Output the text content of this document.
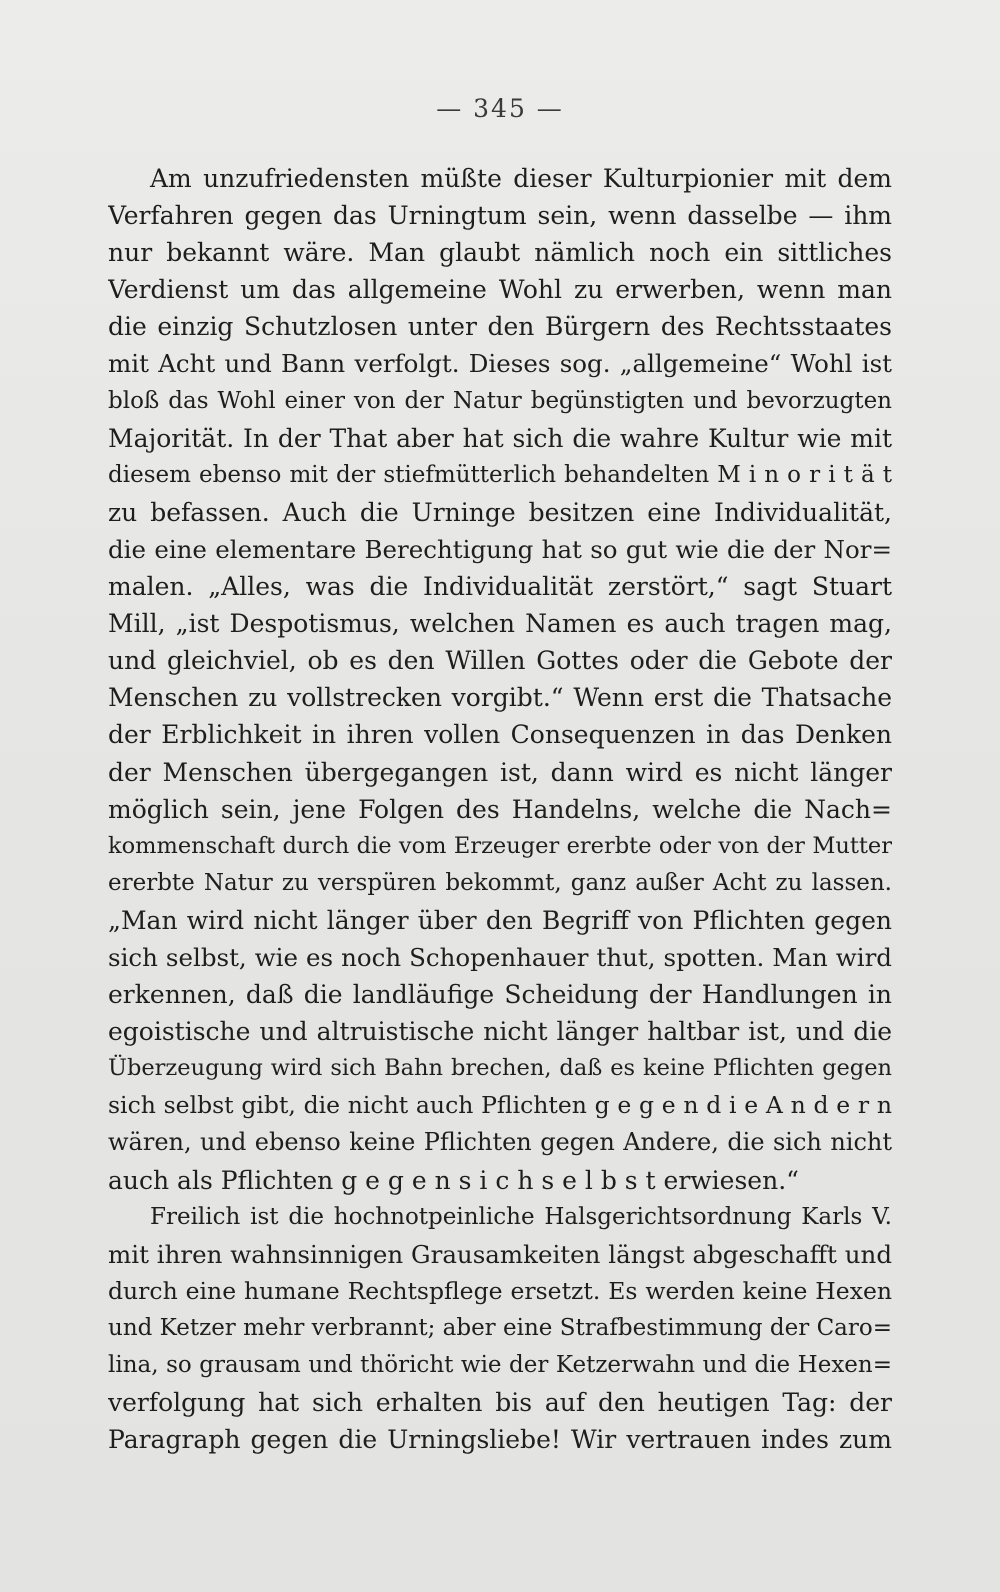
— 345 —

Am unzufriedensten müßte dieser Kulturpionier mit dem
Verfahren gegen das Urningtum sein, wenn dasselbe — ihm
nur bekannt wäre. Man glaubt nämlich noch ein sittliches
Verdienst um das allgemeine Wohl zu erwerben, wenn man
die einzig Schutzlosen unter den Bürgern des Rechtsstaates
mit Acht und Bann verfolgt. Dieses sog. „allgemeine“ Wohl ist
bloß das Wohl einer von der Natur begünstigten und bevorzugten
Majorität. In der That aber hat sich die wahre Kultur wie mit
diesem ebenso mit der stiefmütterlich behandelten M i n o r i t ä t
zu befassen. Auch die Urninge besitzen eine Individualität,
die eine elementare Berechtigung hat so gut wie die der Nor=
malen. „Alles, was die Individualität zerstört,“ sagt Stuart
Mill, „ist Despotismus, welchen Namen es auch tragen mag,
und gleichviel, ob es den Willen Gottes oder die Gebote der
Menschen zu vollstrecken vorgibt.“ Wenn erst die Thatsache
der Erblichkeit in ihren vollen Consequenzen in das Denken
der Menschen übergegangen ist, dann wird es nicht länger
möglich sein, jene Folgen des Handelns, welche die Nach=
kommenschaft durch die vom Erzeuger ererbte oder von der Mutter
ererbte Natur zu verspüren bekommt, ganz außer Acht zu lassen.
„Man wird nicht länger über den Begriff von Pflichten gegen
sich selbst, wie es noch Schopenhauer thut, spotten. Man wird
erkennen, daß die landläufige Scheidung der Handlungen in
egoistische und altruistische nicht länger haltbar ist, und die
Überzeugung wird sich Bahn brechen, daß es keine Pflichten gegen
sich selbst gibt, die nicht auch Pflichten g e g e n d i e A n d e r n
wären, und ebenso keine Pflichten gegen Andere, die sich nicht
auch als Pflichten g e g e n s i c h s e l b s t erwiesen.“

Freilich ist die hochnotpeinliche Halsgerichtsordnung Karls V.
mit ihren wahnsinnigen Grausamkeiten längst abgeschafft und
durch eine humane Rechtspflege ersetzt. Es werden keine Hexen
und Ketzer mehr verbrannt; aber eine Strafbestimmung der Caro=
lina, so grausam und thöricht wie der Ketzerwahn und die Hexen=
verfolgung hat sich erhalten bis auf den heutigen Tag: der
Paragraph gegen die Urningsliebe! Wir vertrauen indes zum
